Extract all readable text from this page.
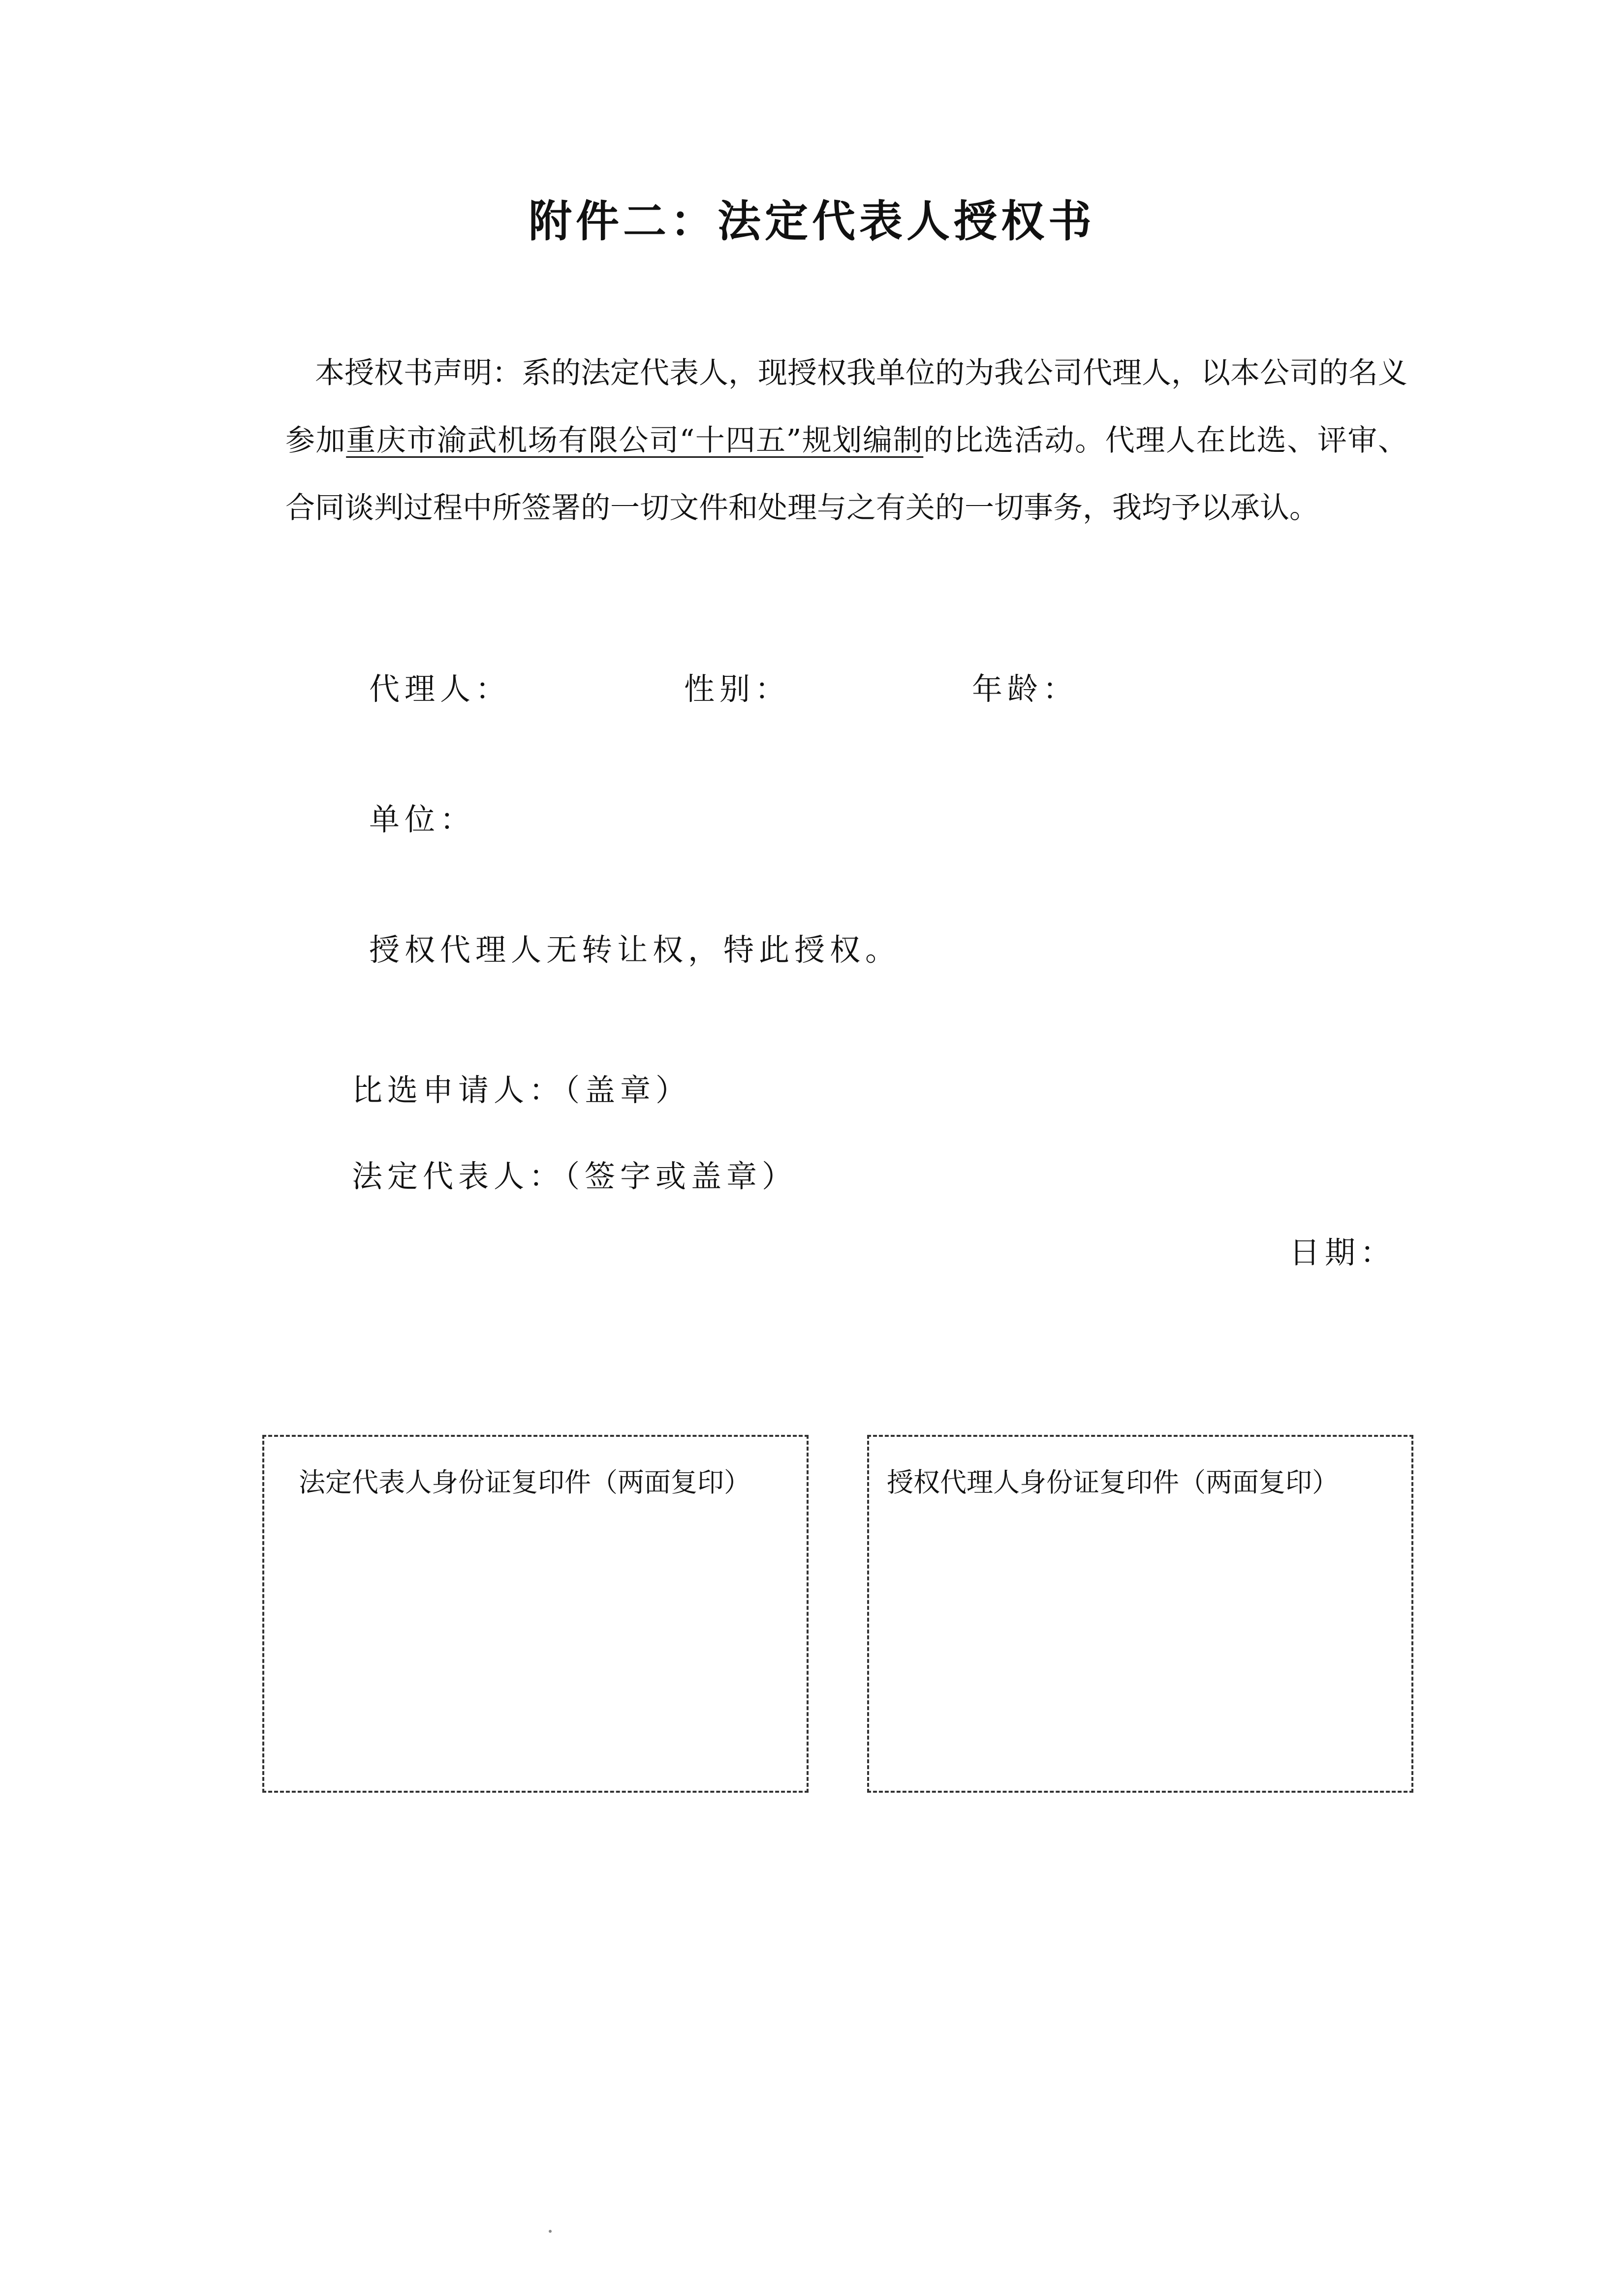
附件二：法定代表人授权书
本授权书声明：系的法定代表人，现授权我单位的为我公司代理人，以本公司的名义参加重庆市渝武机场有限公司“十四五”规划编制的比选活动。代理人在比选、评审、合同谈判过程中所签署的一切文件和处理与之有关的一切事务，我均予以承认。
代理人：	性别：	年龄：
单位：
授权代理人无转让权，特此授权。
比选申请人：（盖章）
法定代表人：（签字或盖章）
日期：
法定代表人身份证复印件（两面复印）	授权代理人身份证复印件（两面复印）
